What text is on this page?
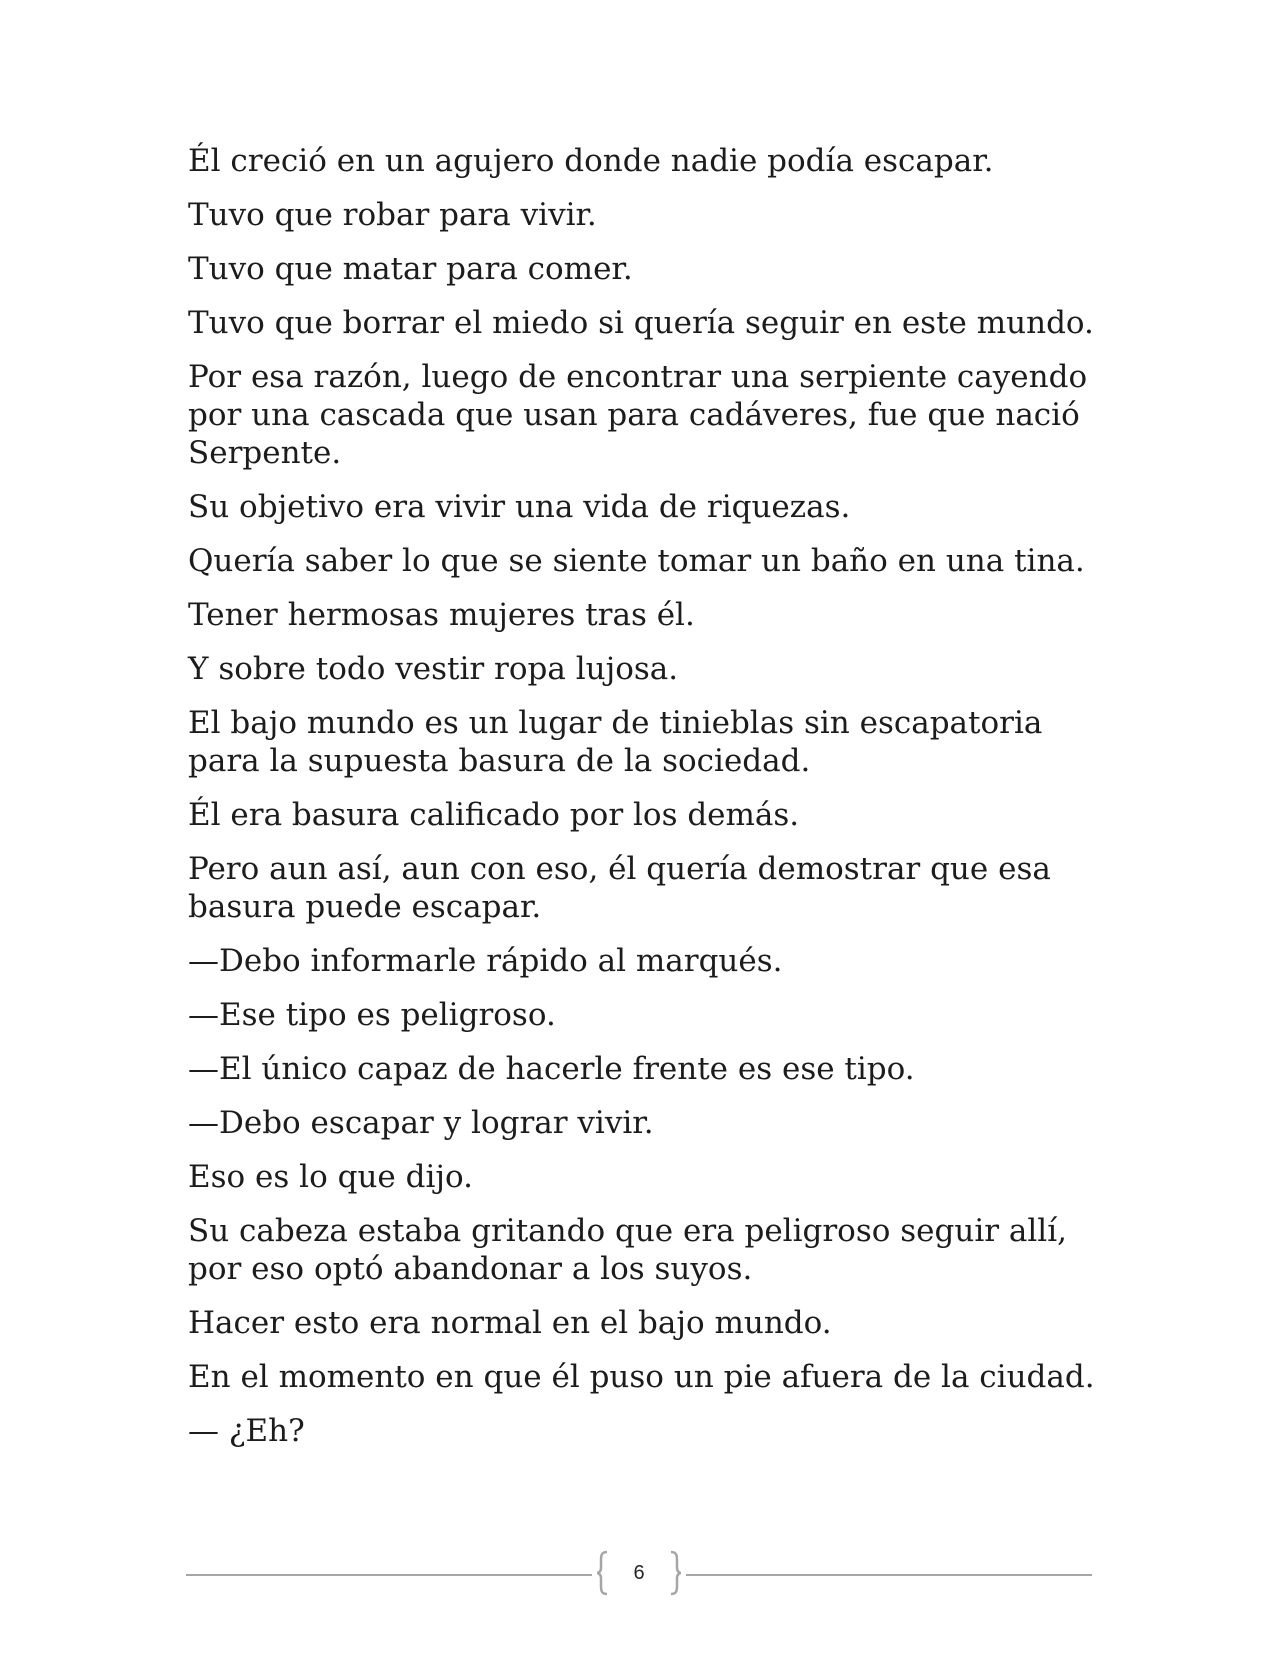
Él creció en un agujero donde nadie podía escapar.

Tuvo que robar para vivir.

Tuvo que matar para comer.

Tuvo que borrar el miedo si quería seguir en este mundo.

Por esa razón, luego de encontrar una serpiente cayendo por una cascada que usan para cadáveres, fue que nació Serpente.

Su objetivo era vivir una vida de riquezas.

Quería saber lo que se siente tomar un baño en una tina.

Tener hermosas mujeres tras él.

Y sobre todo vestir ropa lujosa.

El bajo mundo es un lugar de tinieblas sin escapatoria para la supuesta basura de la sociedad.

Él era basura calificado por los demás.

Pero aun así, aun con eso, él quería demostrar que esa basura puede escapar.

—Debo informarle rápido al marqués.

—Ese tipo es peligroso.

—El único capaz de hacerle frente es ese tipo.

—Debo escapar y lograr vivir.

Eso es lo que dijo.

Su cabeza estaba gritando que era peligroso seguir allí, por eso optó abandonar a los suyos.

Hacer esto era normal en el bajo mundo.

En el momento en que él puso un pie afuera de la ciudad.

— ¿Eh?

6
